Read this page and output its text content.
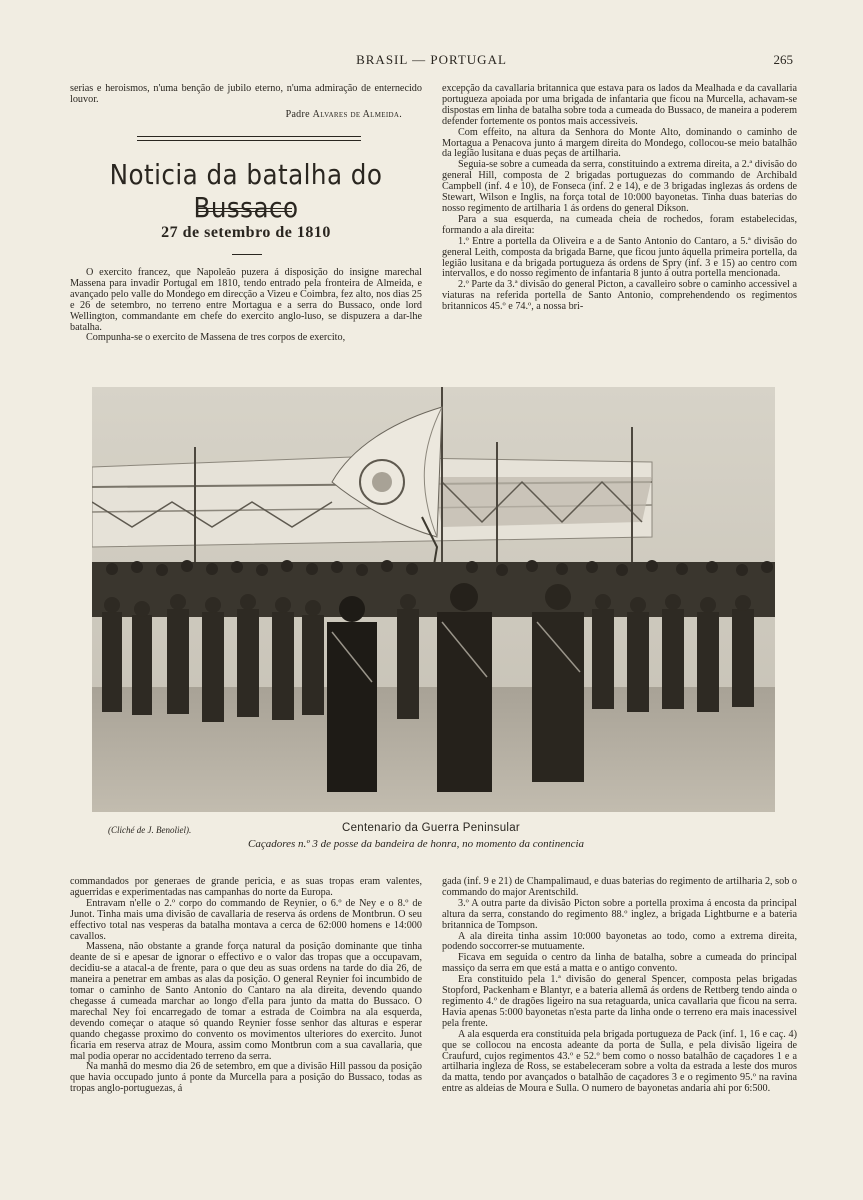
BRASIL — PORTUGAL	265

serias e heroismos, n'uma benção de jubilo eterno, n'uma admiração de enternecido louvor.

Padre Alvares de Almeida.
Noticia da batalha do Bussaco
27 de setembro de 1810

O exercito francez, que Napoleão puzera á disposição do insigne marechal Massena para invadir Portugal em 1810, tendo entrado pela fronteira de Almeida, e avançado pelo valle do Mondego em direcção a Vizeu e Coimbra, fez alto, nos dias 25 e 26 de setembro, no terreno entre Mortagua e a serra do Bussaco, onde lord Wellington, commandante em chefe do exercito anglo-luso, se dispuzera a dar-lhe batalha.

Compunha-se o exercito de Massena de tres corpos de exercito,

excepção da cavallaria britannica que estava para os lados da Mealhada e da cavallaria portugueza apoiada por uma brigada de infantaria que ficou na Murcella, achavam-se dispostas em linha de batalha sobre toda a cumeada do Bussaco, de maneira a poderem defender fortemente os pontos mais accessiveis.

Com effeito, na altura da Senhora do Monte Alto, dominando o caminho de Mortagua a Penacova junto á margem direita do Mondego, collocou-se meio batalhão da legião lusitana e duas peças de artilharia.

Seguia-se sobre a cumeada da serra, constituindo a extrema direita, a 2.ª divisão do general Hill, composta de 2 brigadas portuguezas do commando de Archibald Campbell (inf. 4 e 10), de Fonseca (inf. 2 e 14), e de 3 brigadas inglezas ás ordens de Stewart, Wilson e Inglis, na força total de 10:000 bayonetas. Tinha duas baterias do nosso regimento de artilharia 1 ás ordens do general Dikson.

Para a sua esquerda, na cumeada cheia de rochedos, foram estabelecidas, formando a ala direita:

1.º Entre a portella da Oliveira e a de Santo Antonio do Cantaro, a 5.ª divisão do general Leith, composta da brigada Barne, que ficou junto áquella primeira portella, da legião lusitana e da brigada portugueza ás ordens de Spry (inf. 3 e 15) ao centro com intervallos, e do nosso regimento de infantaria 8 junto á outra portella mencionada.

2.º Parte da 3.ª divisão do general Picton, a cavalleiro sobre o caminho accessivel a viaturas na referida portella de Santo Antonio, comprehendendo os regimentos britannicos 45.º e 74.º, a nossa bri-

(Cliché de J. Benoliel).	Centenario da Guerra Peninsular
Caçadores n.º 3 de posse da bandeira de honra, no momento da continencia

commandados por generaes de grande pericia, e as suas tropas eram valentes, aguerridas e experimentadas nas campanhas do norte da Europa.

Entravam n'elle o 2.º corpo do commando de Reynier, o 6.º de Ney e o 8.º de Junot. Tinha mais uma divisão de cavallaria de reserva ás ordens de Montbrun. O seu effectivo total nas vesperas da batalha montava a cerca de 62:000 homens e 14:000 cavallos.

Massena, não obstante a grande força natural da posição dominante que tinha deante de si e apesar de ignorar o effectivo e o valor das tropas que a occupavam, decidiu-se a atacal-a de frente, para o que deu as suas ordens na tarde do dia 26, de maneira a penetrar em ambas as alas da posição. O general Reynier foi incumbido de tomar o caminho de Santo Antonio do Cantaro na ala direita, devendo quando chegasse á cumeada marchar ao longo d'ella para junto da matta do Bussaco. O marechal Ney foi encarregado de tomar a estrada de Coimbra na ala esquerda, devendo começar o ataque só quando Reynier fosse senhor das alturas e esperar quando chegasse proximo do convento os movimentos ulteriores do exercito. Junot ficaria em reserva atraz de Moura, assim como Montbrun com a sua cavallaria, que mal podia operar no accidentado terreno da serra.

Na manhã do mesmo dia 26 de setembro, em que a divisão Hill passou da posição que havia occupado junto á ponte da Murcella para a posição do Bussaco, todas as tropas anglo-portuguezas, á

gada (inf. 9 e 21) de Champalimaud, e duas baterias do regimento de artilharia 2, sob o commando do major Arentschild.

3.º A outra parte da divisão Picton sobre a portella proxima á encosta da principal altura da serra, constando do regimento 88.º inglez, a brigada Lightburne e a bateria britannica de Tompson.

A ala direita tinha assim 10:000 bayonetas ao todo, como a extrema direita, podendo soccorrer-se mutuamente.

Ficava em seguida o centro da linha de batalha, sobre a cumeada do principal massiço da serra em que está a matta e o antigo convento.

Era constituido pela 1.ª divisão do general Spencer, composta pelas brigadas Stopford, Packenham e Blantyr, e a bateria allemã ás ordens de Rettberg tendo ainda o regimento 4.º de dragões ligeiro na sua retaguarda, unica cavallaria que ficou na serra. Havia apenas 5:000 bayonetas n'esta parte da linha onde o terreno era mais inacessivel pela frente.

A ala esquerda era constituida pela brigada portugueza de Pack (inf. 1, 16 e caç. 4) que se collocou na encosta adeante da porta de Sulla, e pela divisão ligeira de Craufurd, cujos regimentos 43.º e 52.º bem como o nosso batalhão de caçadores 1 e a artilharia ingleza de Ross, se estabeleceram sobre a volta da estrada a leste dos muros da matta, tendo por avançados o batalhão de caçadores 3 e o regimento 95.º na ravina entre as aldeias de Moura e Sulla. O numero de bayonetas andaria ahi por 6:500.
